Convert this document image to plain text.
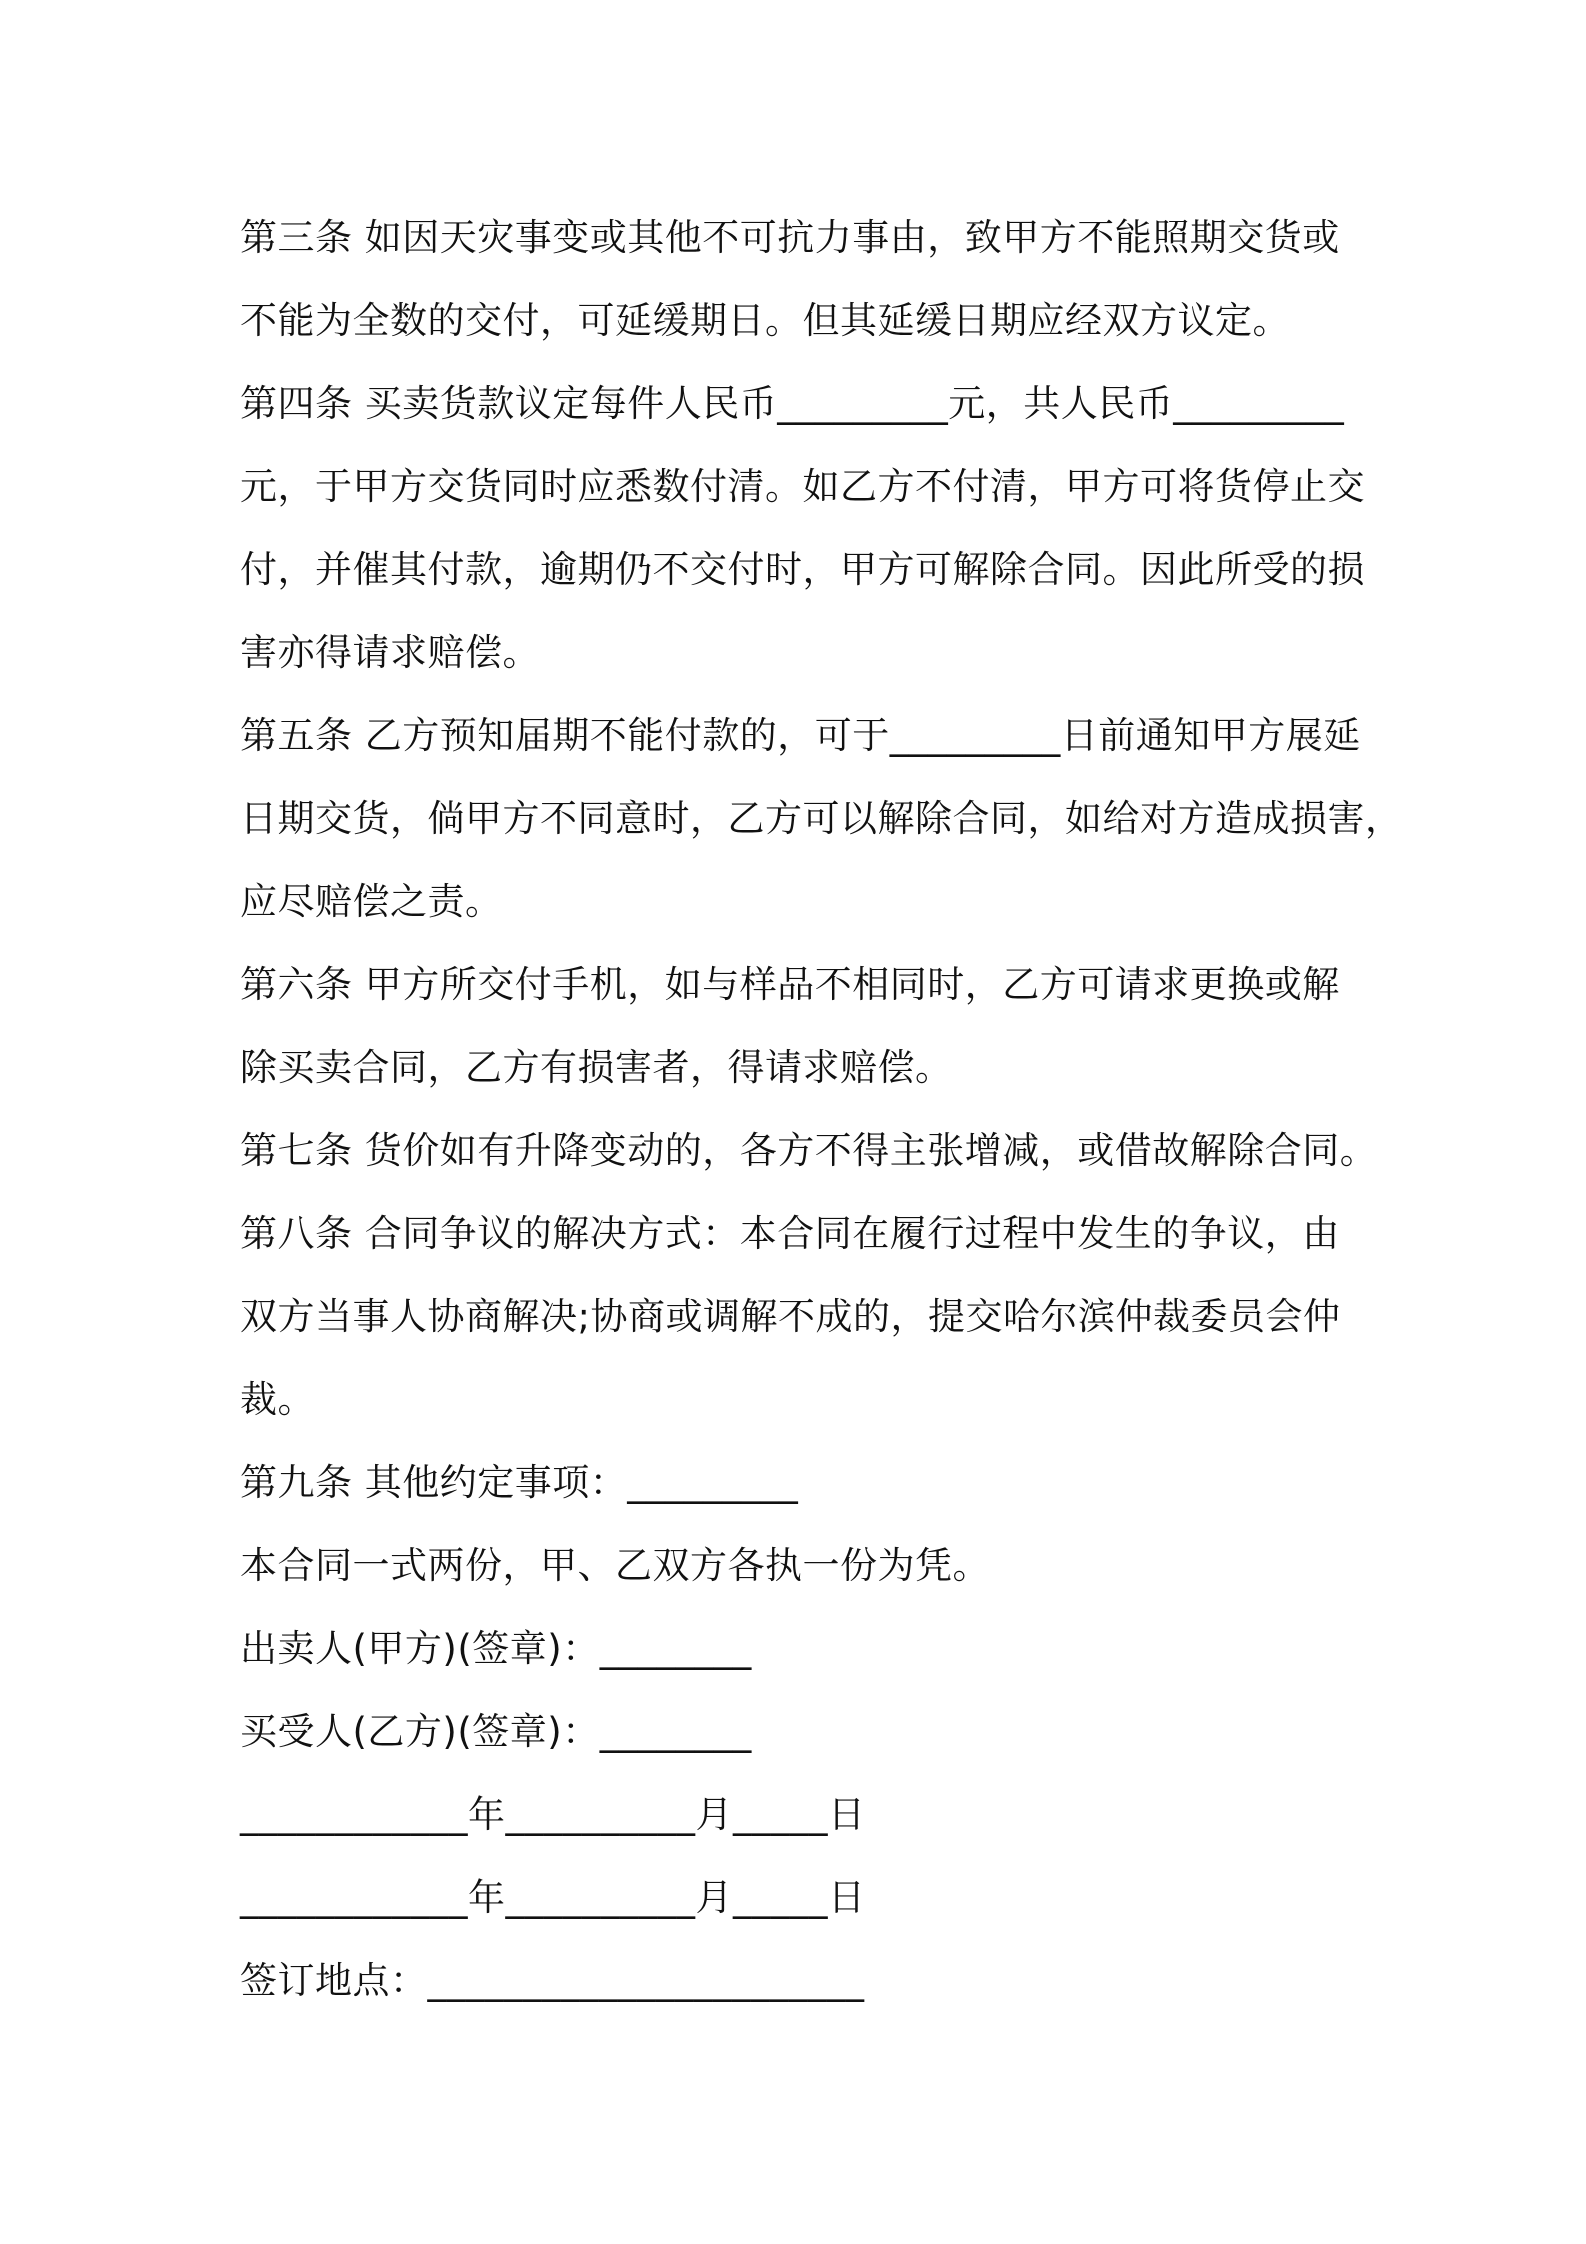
第三条 如因天灾事变或其他不可抗力事由，致甲方不能照期交货或
不能为全数的交付，可延缓期日。但其延缓日期应经双方议定。
第四条 买卖货款议定每件人民币_________元，共人民币_________
元，于甲方交货同时应悉数付清。如乙方不付清，甲方可将货停止交
付，并催其付款，逾期仍不交付时，甲方可解除合同。因此所受的损
害亦得请求赔偿。
第五条 乙方预知届期不能付款的，可于_________日前通知甲方展延
日期交货，倘甲方不同意时，乙方可以解除合同，如给对方造成损害，
应尽赔偿之责。
第六条 甲方所交付手机，如与样品不相同时，乙方可请求更换或解
除买卖合同，乙方有损害者，得请求赔偿。
第七条 货价如有升降变动的，各方不得主张增减，或借故解除合同。
第八条 合同争议的解决方式：本合同在履行过程中发生的争议，由
双方当事人协商解决;协商或调解不成的，提交哈尔滨仲裁委员会仲
裁。
第九条 其他约定事项：_________
本合同一式两份，甲、乙双方各执一份为凭。
出卖人(甲方)(签章)：________
买受人(乙方)(签章)：________
____________年__________月_____日
____________年__________月_____日
签订地点：_______________________
